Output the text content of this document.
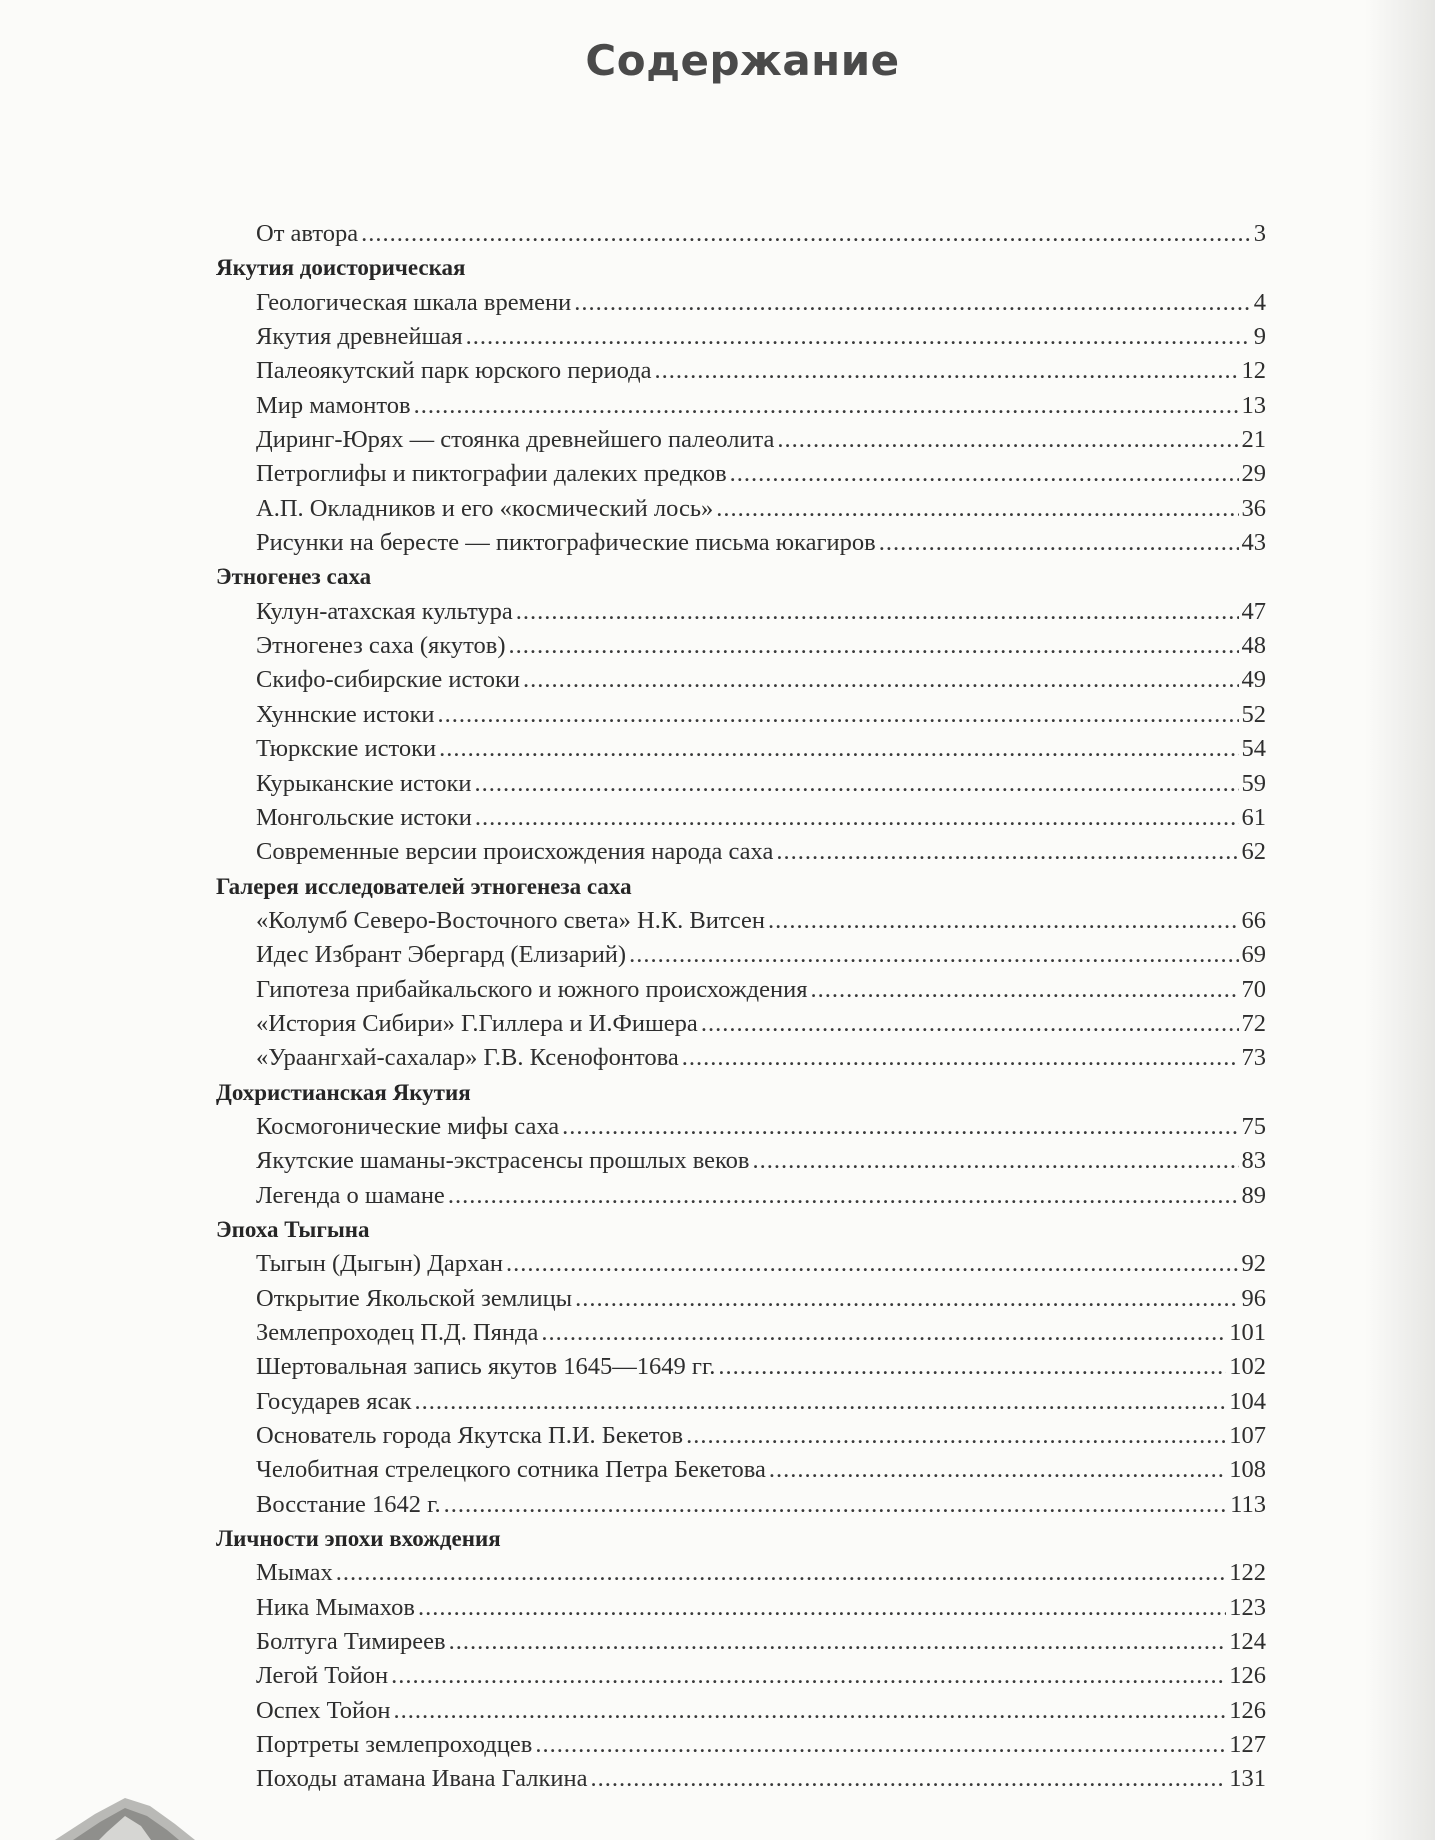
Содержание
От автора .....	3
Якутия доисторическая
Геологическая шкала времени .....	4
Якутия древнейшая .....	9
Палеоякутский парк юрского периода .....	12
Мир мамонтов .....	13
Диринг-Юрях — стоянка древнейшего палеолита .....	21
Петроглифы и пиктографии далеких предков .....	29
А.П. Окладников и его «космический лось» .....	36
Рисунки на бересте — пиктографические письма юкагиров .....	43
Этногенез саха
Кулун-атахская культура .....	47
Этногенез саха (якутов) .....	48
Скифо-сибирские истоки .....	49
Хуннские истоки .....	52
Тюркские истоки .....	54
Курыканские истоки .....	59
Монгольские истоки .....	61
Современные версии происхождения народа саха .....	62
Галерея исследователей этногенеза саха
«Колумб Северо-Восточного света» Н.К. Витсен .....	66
Идес Избрант Эбергард (Елизарий) .....	69
Гипотеза прибайкальского и южного происхождения .....	70
«История Сибири» Г.Гиллера и И.Фишера .....	72
«Ураангхай-сахалар» Г.В. Ксенофонтова .....	73
Дохристианская Якутия
Космогонические мифы саха .....	75
Якутские шаманы-экстрасенсы прошлых веков .....	83
Легенда о шамане .....	89
Эпоха Тыгына
Тыгын (Дыгын) Дархан .....	92
Открытие Якольской землицы .....	96
Землепроходец П.Д. Пянда .....	101
Шертовальная запись якутов 1645—1649 гг. .....	102
Государев ясак .....	104
Основатель города Якутска П.И. Бекетов .....	107
Челобитная стрелецкого сотника Петра Бекетова .....	108
Восстание 1642 г. .....	113
Личности эпохи вхождения
Мымах .....	122
Ника Мымахов .....	123
Болтуга Тимиреев .....	124
Легой Тойон .....	126
Оспех Тойон .....	126
Портреты землепроходцев .....	127
Походы атамана Ивана Галкина .....	131
